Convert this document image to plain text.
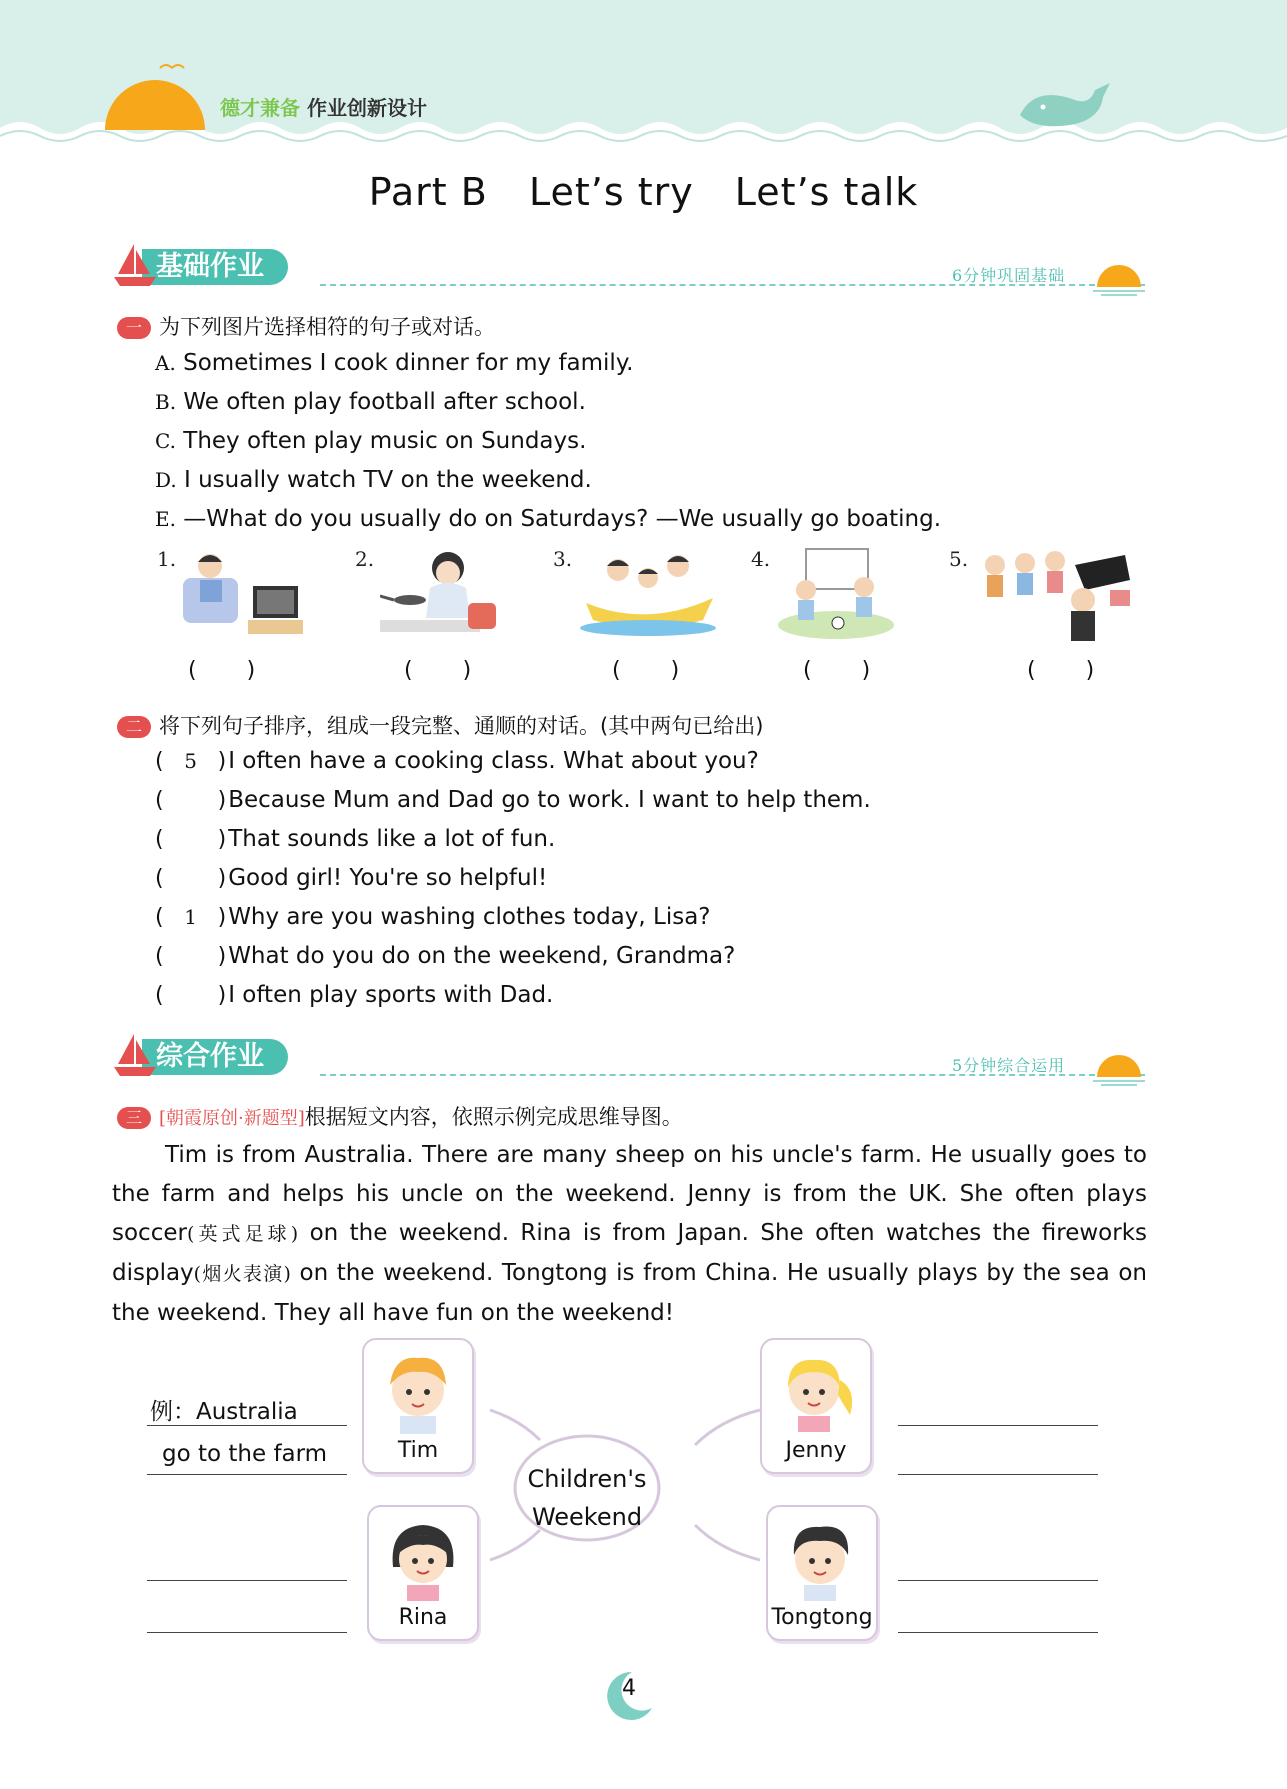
德才兼备 作业创新设计
Part B Let’s try Let’s talk
基础作业	6分钟巩固基础
一 为下列图片选择相符的句子或对话。
A. Sometimes I cook dinner for my family.
B. We often play football after school.
C. They often play music on Sundays.
D. I usually watch TV on the weekend.
E. —What do you usually do on Saturdays? —We usually go boating.
1.
(  )
2.
(  )
3.
(  )
4.
(  )
5.
(  )
二 将下列句子排序，组成一段完整、通顺的对话。(其中两句已给出)
( 5 )I often have a cooking class. What about you?
( )Because Mum and Dad go to work. I want to help them.
( )That sounds like a lot of fun.
( )Good girl! You're so helpful!
( 1 )Why are you washing clothes today, Lisa?
( )What do you do on the weekend, Grandma?
( )I often play sports with Dad.
综合作业	5分钟综合运用
三 [朝霞原创·新题型]根据短文内容，依照示例完成思维导图。
Tim is from Australia. There are many sheep on his uncle's farm. He usually goes to the farm and helps his uncle on the weekend. Jenny is from the UK. She often plays soccer(英式足球) on the weekend. Rina is from Japan. She often watches the fireworks display(烟火表演) on the weekend. Tongtong is from China. He usually plays by the sea on the weekend. They all have fun on the weekend!
Children's
Weekend
Tim	Jenny
Rina	Tongtong
例：Australia
go to the farm
4
